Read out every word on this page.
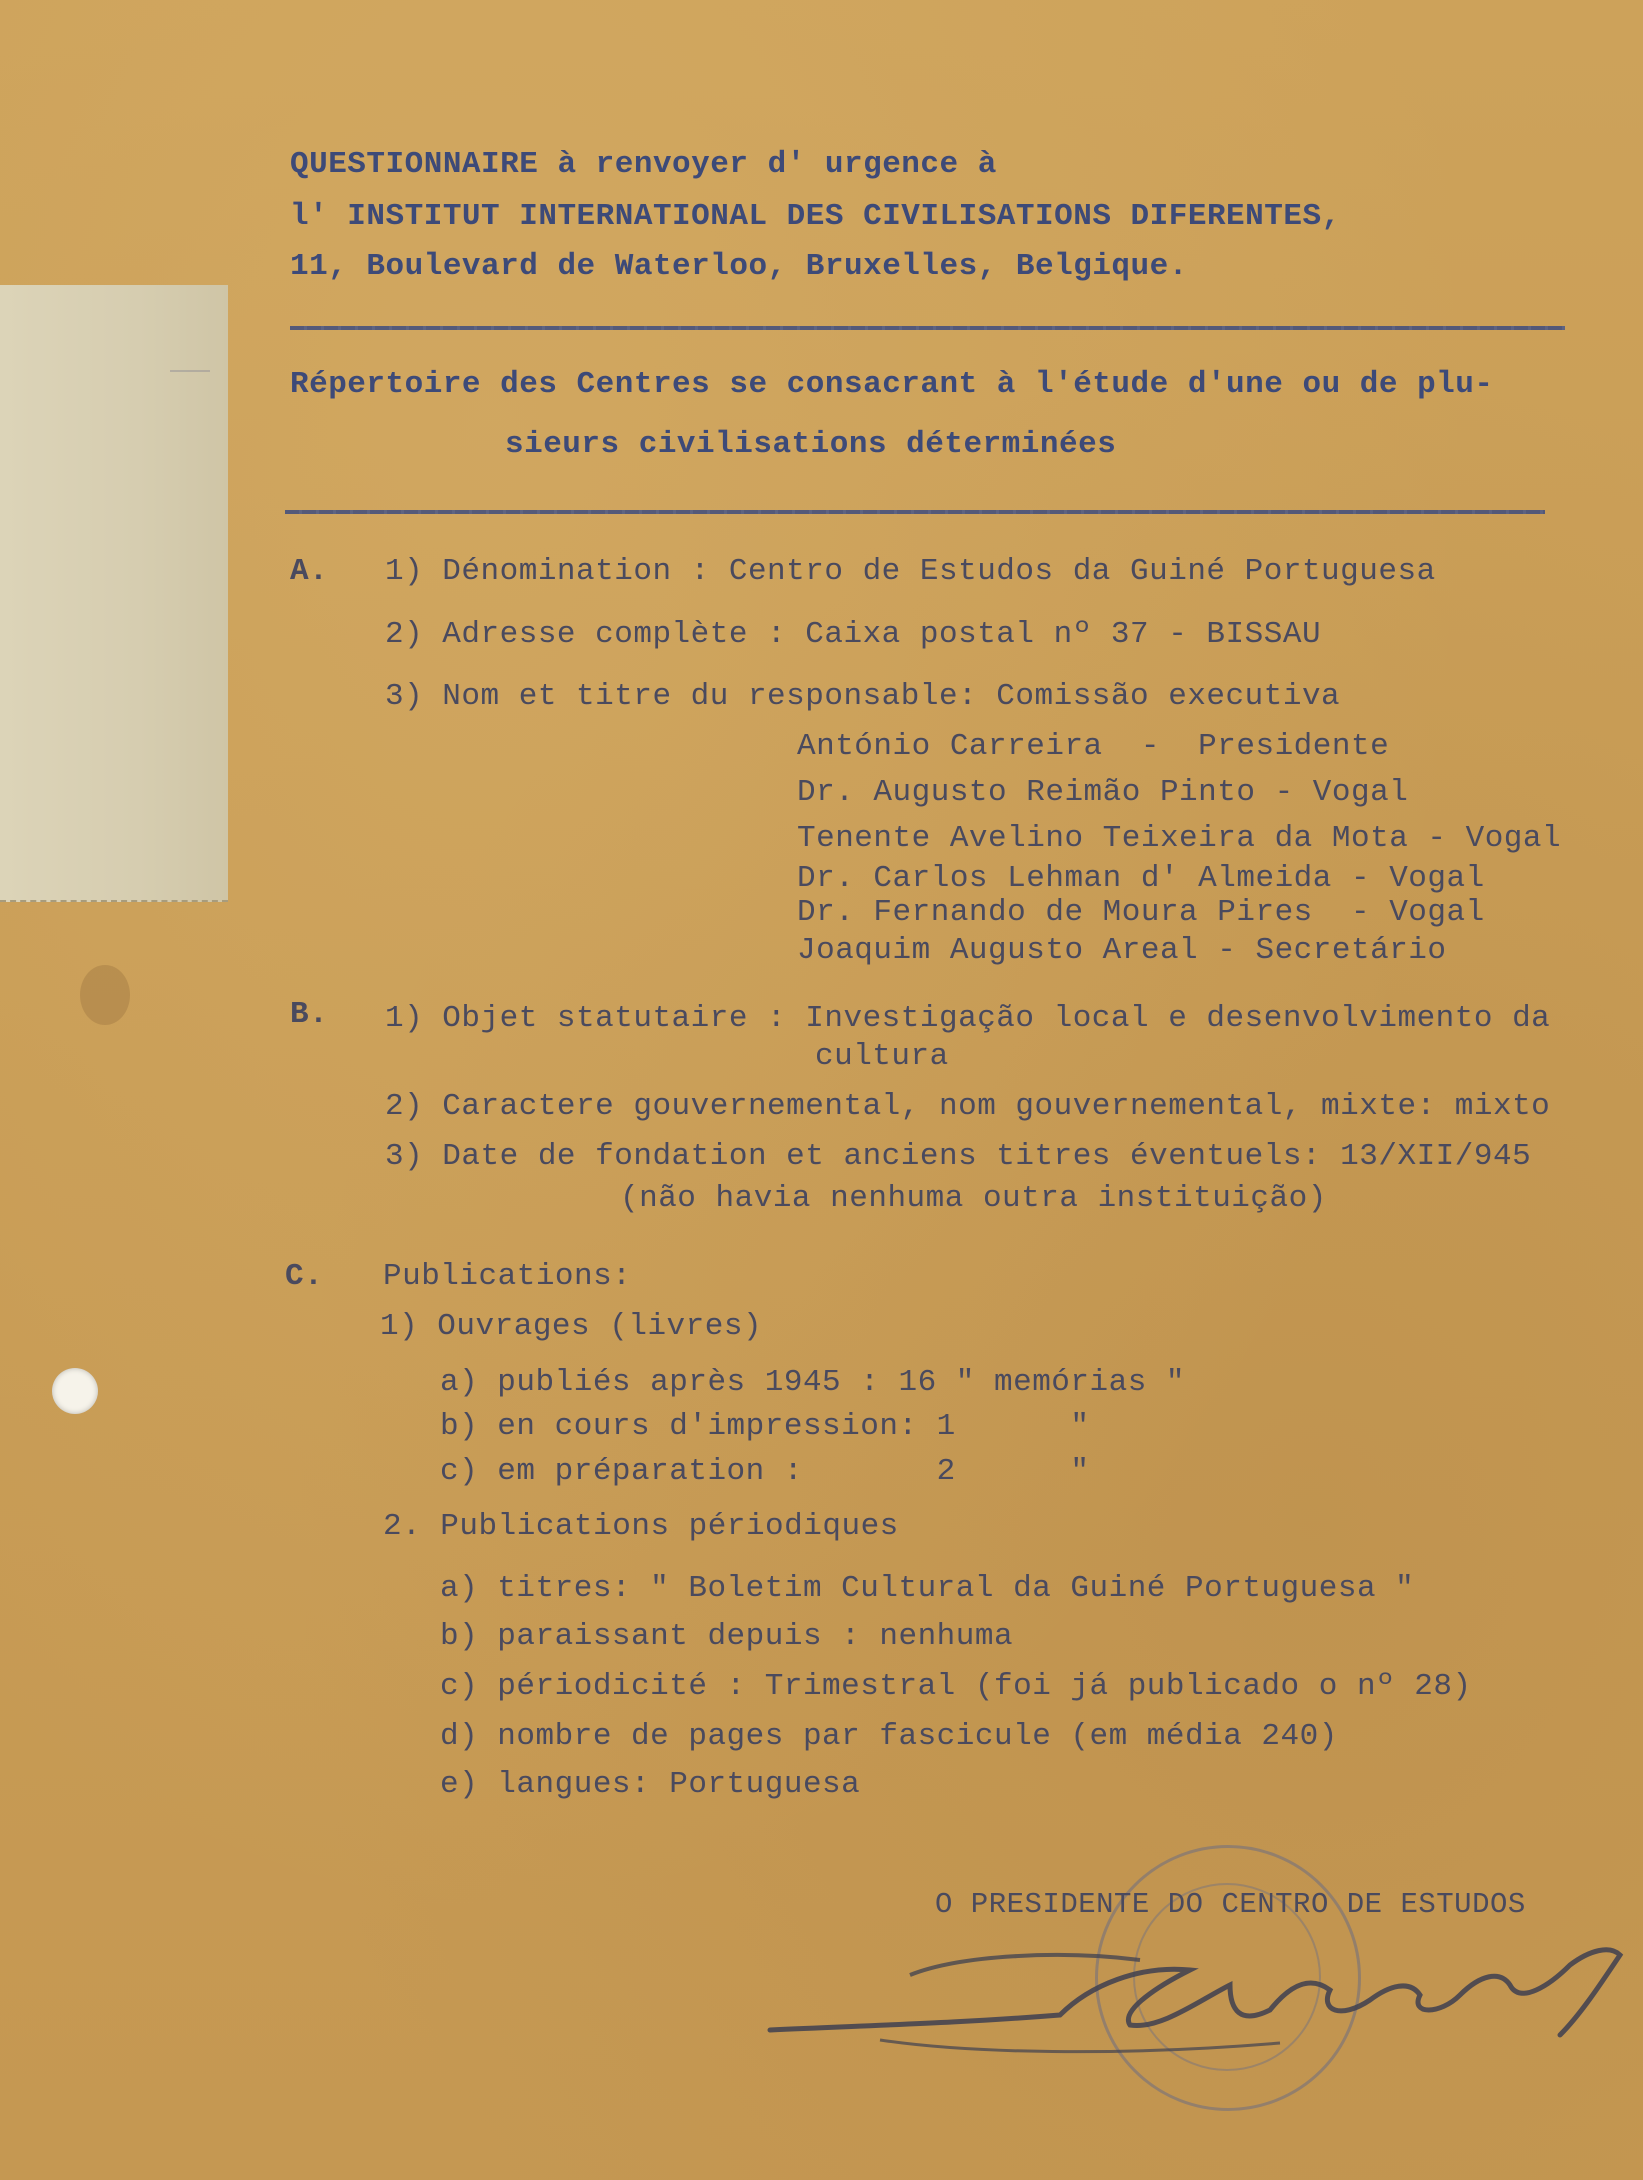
QUESTIONNAIRE à renvoyer d' urgence à
l' INSTITUT INTERNATIONAL DES CIVILISATIONS DIFERENTES,
11, Boulevard de Waterloo, Bruxelles, Belgique.
Répertoire des Centres se consacrant à l'étude d'une ou de plu-
sieurs civilisations déterminées
A. 1) Dénomination : Centro de Estudos da Guiné Portuguesa
2) Adresse complète : Caixa postal nº 37 - BISSAU
3) Nom et titre du responsable: Comissão executiva
António Carreira  -  Presidente
Dr. Augusto Reimão Pinto - Vogal
Tenente Avelino Teixeira da Mota - Vogal
Dr. Carlos Lehman d' Almeida - Vogal
Dr. Fernando de Moura Pires  - Vogal
Joaquim Augusto Areal - Secretário
B. 1) Objet statutaire : Investigação local e desenvolvimento da
cultura
2) Caractere gouvernemental, nom gouvernemental, mixte: mixto
3) Date de fondation et anciens titres éventuels: 13/XII/945
(não havia nenhuma outra instituição)
C. Publications:
1) Ouvrages (livres)
a) publiés après 1945 : 16 " memórias "
b) en cours d'impression: 1      "
c) em préparation :       2      "
2. Publications périodiques
a) titres: " Boletim Cultural da Guiné Portuguesa "
b) paraissant depuis : nenhuma
c) périodicité : Trimestral (foi já publicado o nº 28)
d) nombre de pages par fascicule (em média 240)
e) langues: Portuguesa
O PRESIDENTE DO CENTRO DE ESTUDOS
